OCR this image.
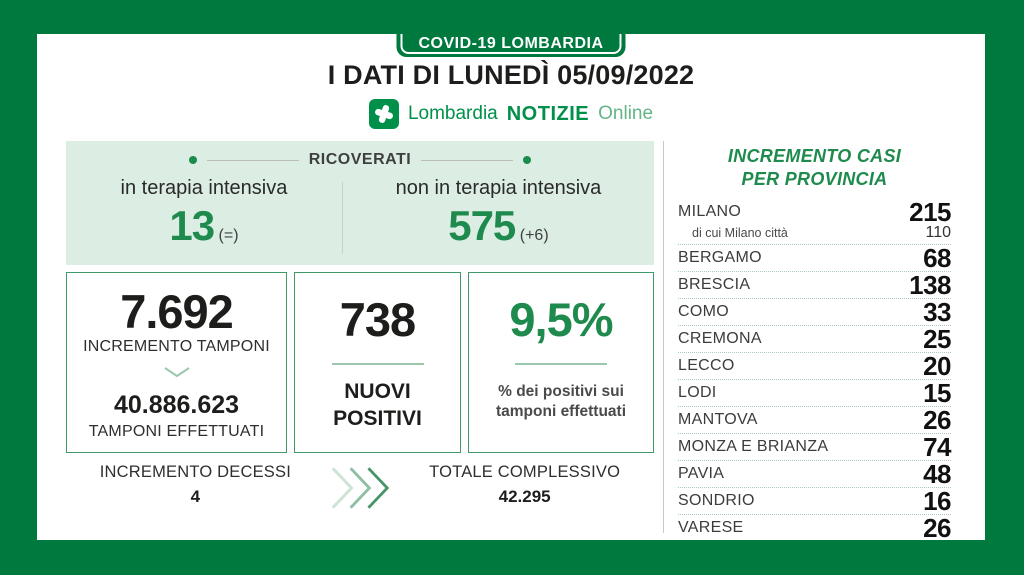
COVID-19 LOMBARDIA
I DATI DI LUNEDÌ 05/09/2022
Lombardia NOTIZIE Online
RICOVERATI
in terapia intensiva
13 (=)
non in terapia intensiva
575 (+6)
7.692
INCREMENTO TAMPONI
40.886.623
TAMPONI EFFETTUATI
738
NUOVI POSITIVI
9,5%
% dei positivi sui tamponi effettuati
INCREMENTO DECESSI
4
TOTALE COMPLESSIVO
42.295
INCREMENTO CASI
PER PROVINCIA
MILANO	215
di cui Milano città	110
BERGAMO	68
BRESCIA	138
COMO	33
CREMONA	25
LECCO	20
LODI	15
MANTOVA	26
MONZA E BRIANZA	74
PAVIA	48
SONDRIO	16
VARESE	26
